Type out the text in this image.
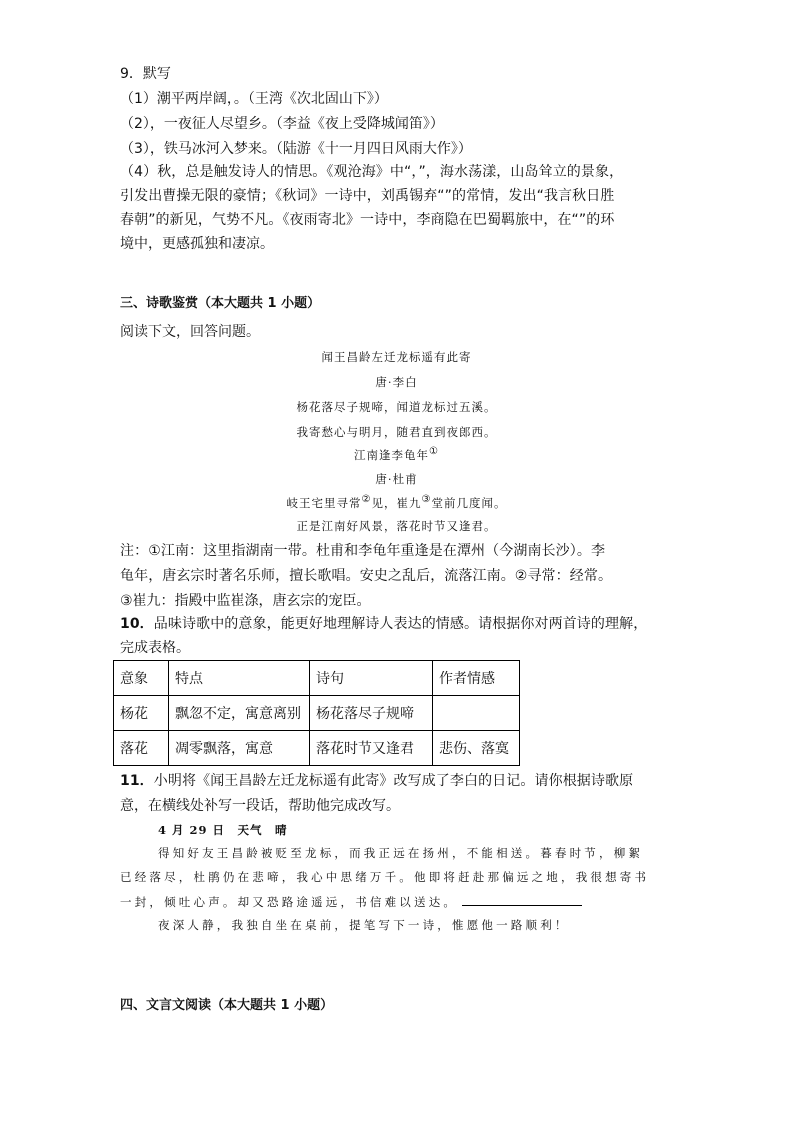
9．默写
（1）潮平两岸阔，。（王湾《次北固山下》）
（2），一夜征人尽望乡。（李益《夜上受降城闻笛》）
（3），铁马冰河入梦来。（陆游《十一月四日风雨大作》）
（4）秋，总是触发诗人的情思。《观沧海》中“，”，海水荡漾，山岛耸立的景象，
引发出曹操无限的豪情；《秋词》一诗中，刘禹锡弃“”的常情，发出“我言秋日胜
春朝”的新见，气势不凡。《夜雨寄北》一诗中，李商隐在巴蜀羁旅中，在“”的环
境中，更感孤独和凄凉。
三、诗歌鉴赏（本大题共 1 小题）
阅读下文，回答问题。
闻王昌龄左迁龙标遥有此寄
唐·李白
杨花落尽子规啼，闻道龙标过五溪。
我寄愁心与明月，随君直到夜郎西。
江南逢李龟年①
唐·杜甫
岐王宅里寻常②见，崔九③堂前几度闻。
正是江南好风景，落花时节又逢君。
注：①江南：这里指湖南一带。杜甫和李龟年重逢是在潭州（今湖南长沙）。李
龟年，唐玄宗时著名乐师，擅长歌唱。安史之乱后，流落江南。②寻常：经常。
③崔九：指殿中监崔涤，唐玄宗的宠臣。
10．品味诗歌中的意象，能更好地理解诗人表达的情感。请根据你对两首诗的理解，
完成表格。
意象	特点	诗句	作者情感
杨花	飘忽不定，寓意离别	杨花落尽子规啼	
落花	凋零飘落，寓意	落花时节又逢君	悲伤、落寞
11．小明将《闻王昌龄左迁龙标遥有此寄》改写成了李白的日记。请你根据诗歌原
意，在横线处补写一段话，帮助他完成改写。
4 月 29 日　天气　晴
得知好友王昌龄被贬至龙标，而我正远在扬州，不能相送。暮春时节，柳絮
已经落尽，杜鹃仍在悲啼，我心中思绪万千。他即将赶赴那偏远之地，我很想寄书
一封，倾吐心声。却又恐路途遥远，书信难以送达。
夜深人静，我独自坐在桌前，提笔写下一诗，惟愿他一路顺利！
四、文言文阅读（本大题共 1 小题）
